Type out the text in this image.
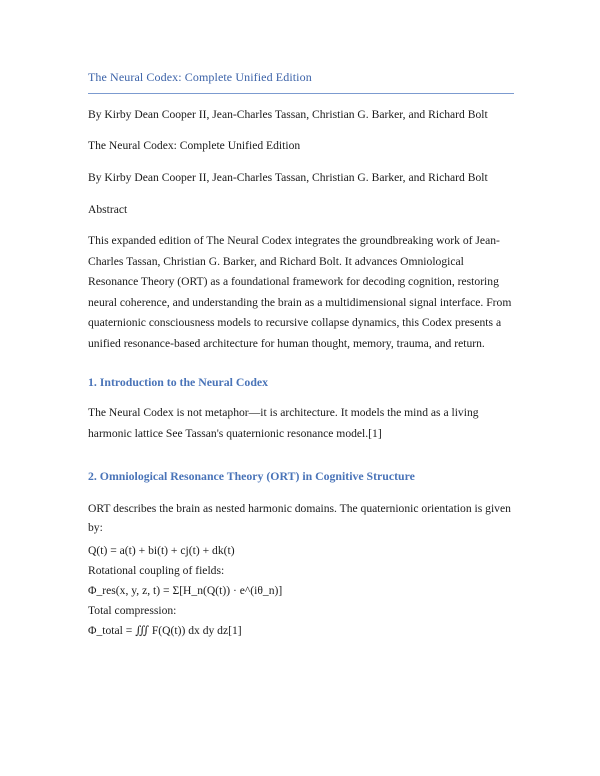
The Neural Codex: Complete Unified Edition
By Kirby Dean Cooper II, Jean-Charles Tassan, Christian G. Barker, and Richard Bolt
The Neural Codex: Complete Unified Edition
By Kirby Dean Cooper II, Jean-Charles Tassan, Christian G. Barker, and Richard Bolt
Abstract
This expanded edition of The Neural Codex integrates the groundbreaking work of Jean-Charles Tassan, Christian G. Barker, and Richard Bolt. It advances Omniological Resonance Theory (ORT) as a foundational framework for decoding cognition, restoring neural coherence, and understanding the brain as a multidimensional signal interface. From quaternionic consciousness models to recursive collapse dynamics, this Codex presents a unified resonance-based architecture for human thought, memory, trauma, and return.
1. Introduction to the Neural Codex
The Neural Codex is not metaphor—it is architecture. It models the mind as a living harmonic lattice See Tassan's quaternionic resonance model.[1]
2. Omniological Resonance Theory (ORT) in Cognitive Structure
ORT describes the brain as nested harmonic domains. The quaternionic orientation is given by:
Q(t) = a(t) + bi(t) + cj(t) + dk(t)
Rotational coupling of fields:
Φ_res(x, y, z, t) = Σ[H_n(Q(t)) · e^(iθ_n)]
Total compression:
Φ_total = ∭ F(Q(t)) dx dy dz[1]
